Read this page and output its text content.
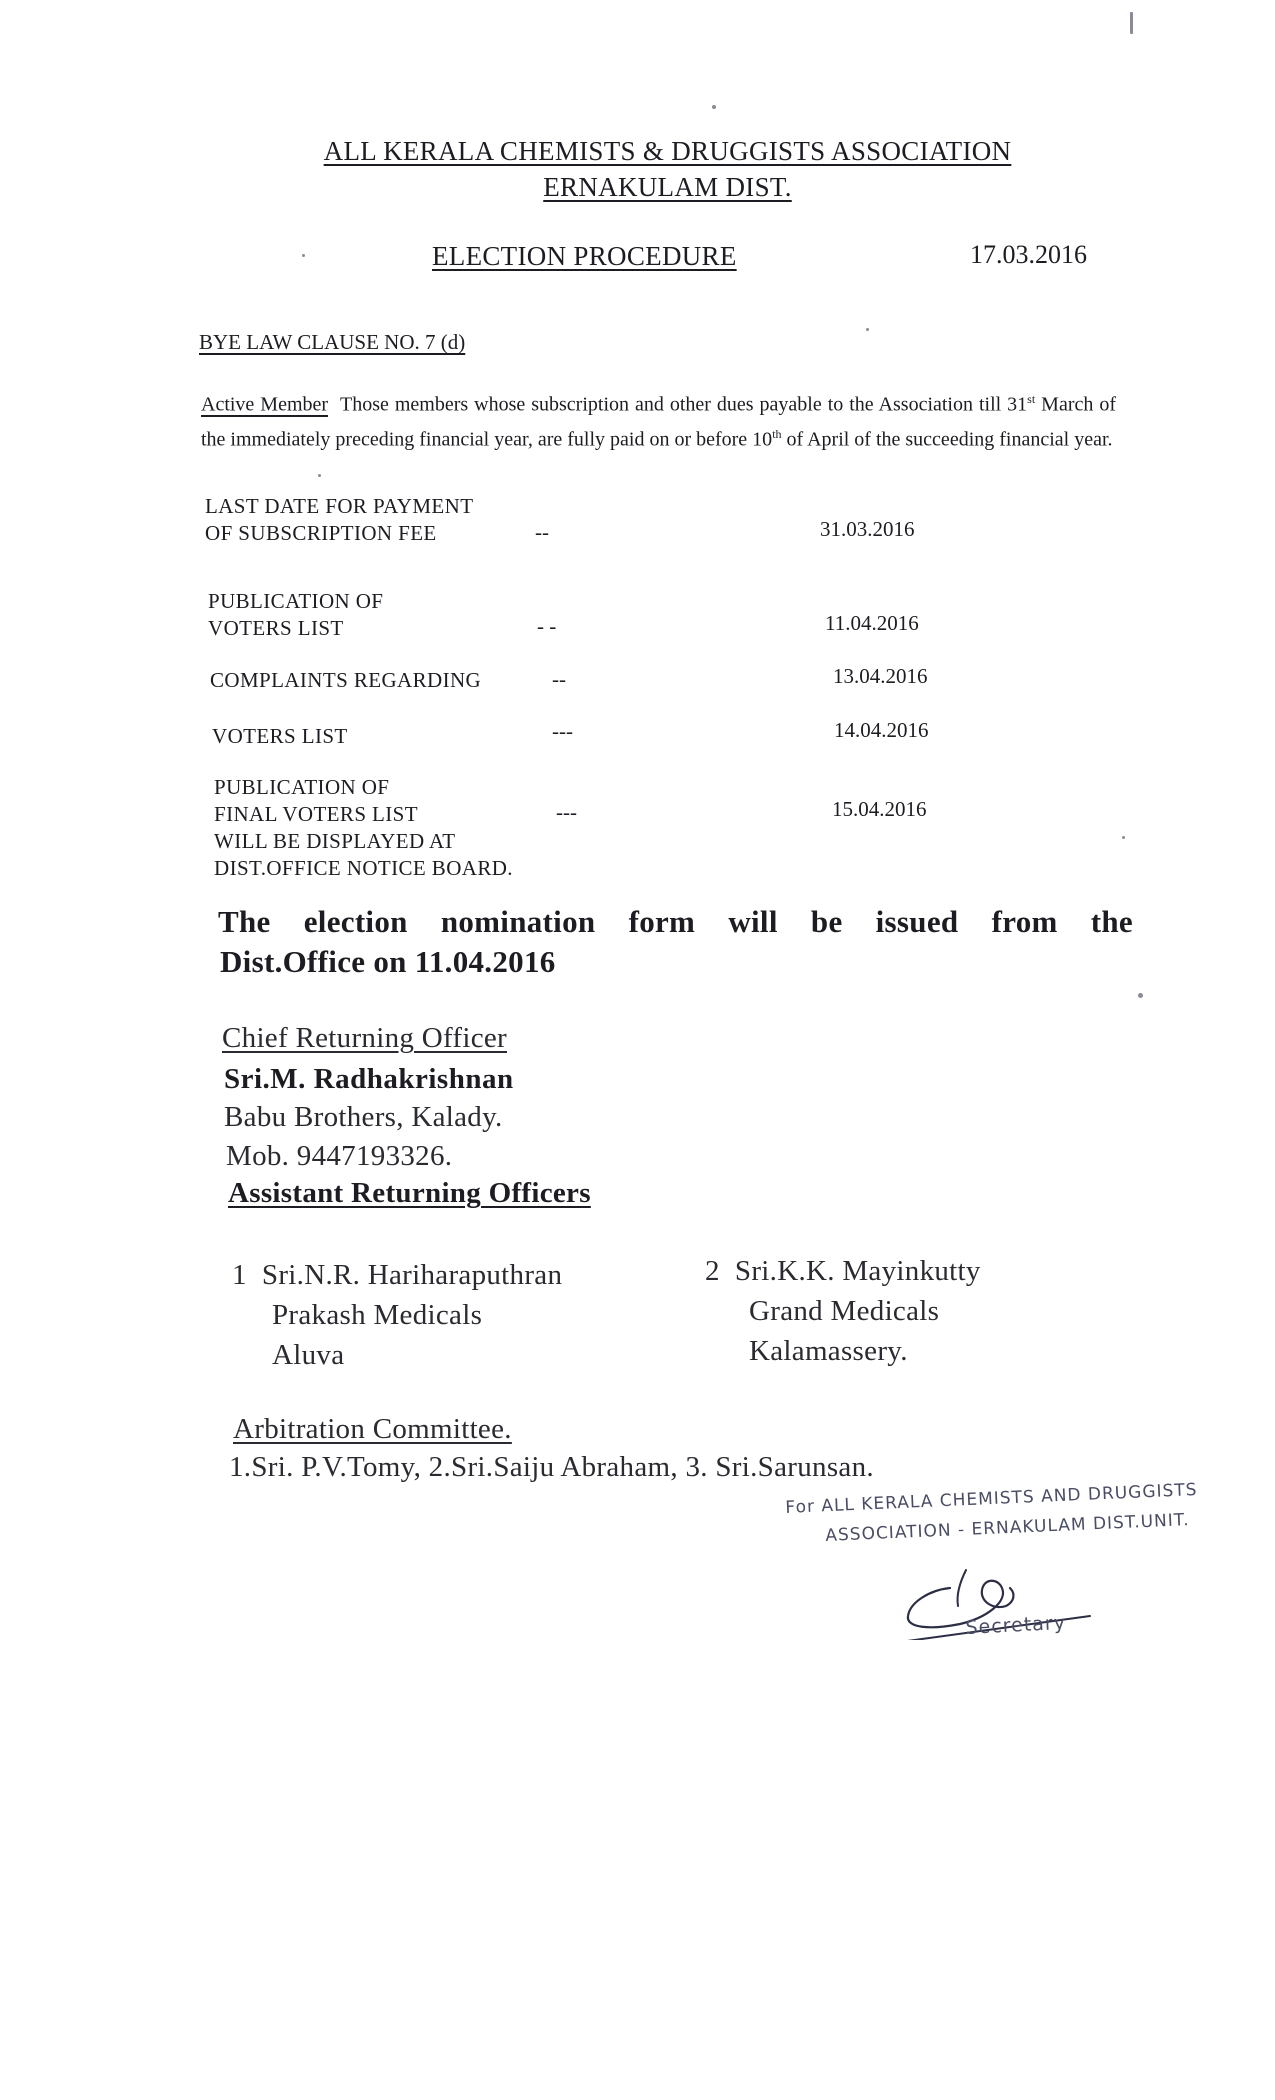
ALL KERALA CHEMISTS & DRUGGISTS ASSOCIATION
ERNAKULAM DIST.
ELECTION PROCEDURE	17.03.2016
BYE LAW CLAUSE NO. 7 (d)
Active Member Those members whose subscription and other dues payable to the Association till 31st March of the immediately preceding financial year, are fully paid on or before 10th of April of the succeeding financial year.
LAST DATE FOR PAYMENT
OF SUBSCRIPTION FEE	--	31.03.2016
PUBLICATION OF
VOTERS LIST	- -	11.04.2016
COMPLAINTS REGARDING	--	13.04.2016
VOTERS LIST	---	14.04.2016
PUBLICATION OF
FINAL VOTERS LIST
WILL BE DISPLAYED AT
DIST.OFFICE NOTICE BOARD.
---	15.04.2016
The election nomination form will be issued from the
Dist.Office on 11.04.2016
Chief Returning Officer
Sri.M. Radhakrishnan
Babu Brothers, Kalady.
Mob. 9447193326.
Assistant Returning Officers
1 Sri.N.R. Hariharaputhran
Prakash Medicals
Aluva
2 Sri.K.K. Mayinkutty
Grand Medicals
Kalamassery.
Arbitration Committee.
1.Sri. P.V.Tomy, 2.Sri.Saiju Abraham, 3. Sri.Sarunsan.
For ALL KERALA CHEMISTS AND DRUGGISTS
ASSOCIATION - ERNAKULAM DIST.UNIT.
Secretary
